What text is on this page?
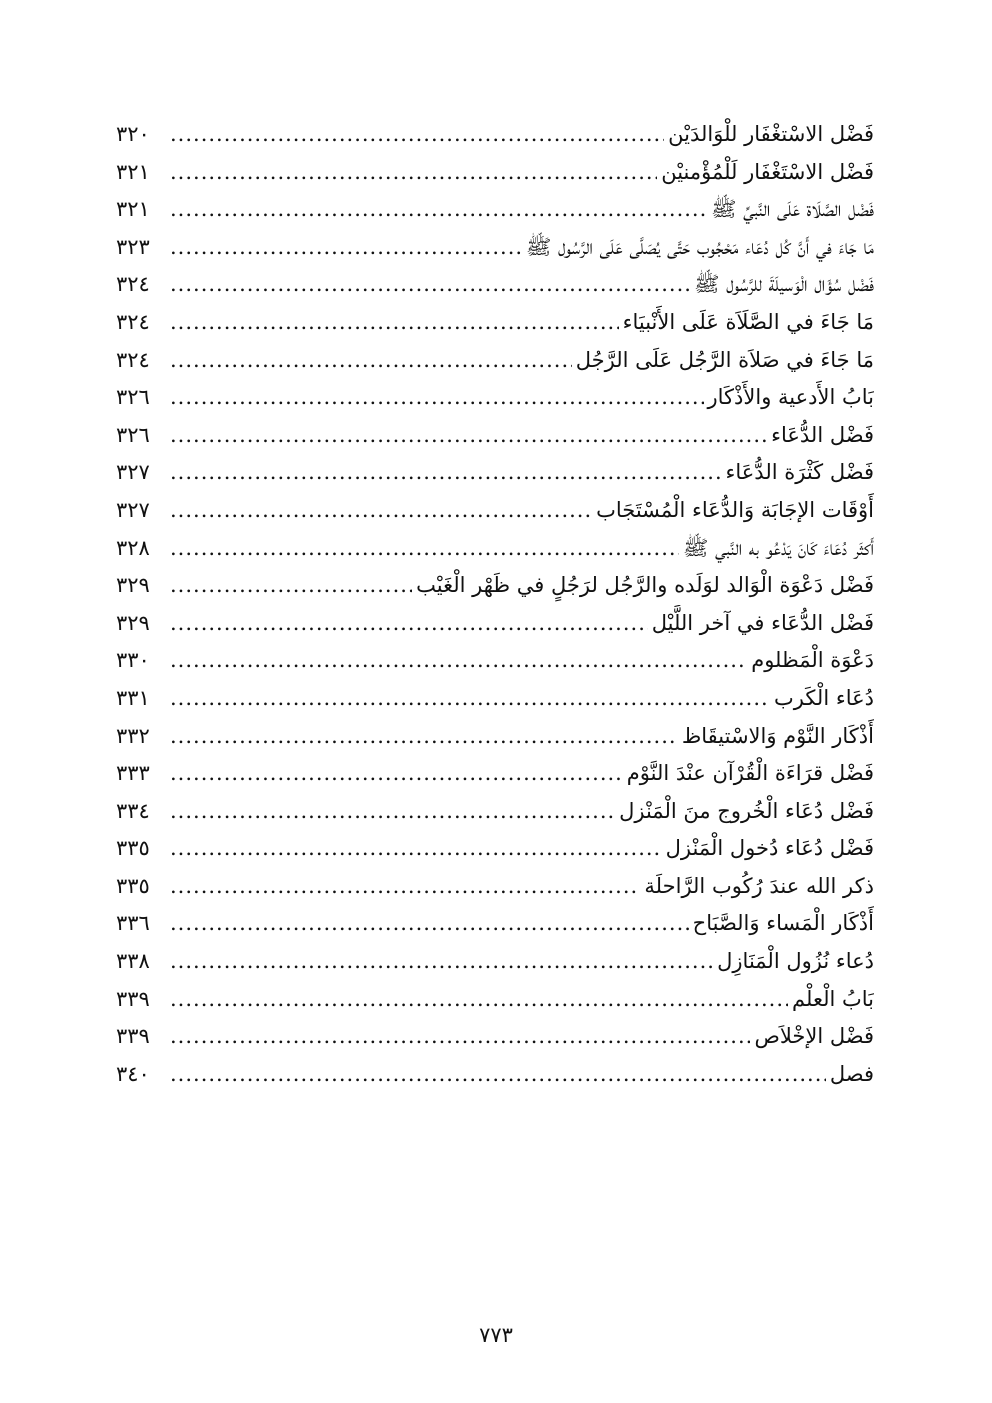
فَضْل الاسْتغْفَار للْوَالدَيْن
.....
٣٢٠
فَضْل الاسْتَغْفَار لَلْمُؤْمنيْن
.....
٣٢١
فَضْل الصَّلَاة عَلَى النَّبيِّ ﷺ
.....
٣٢١
مَا جَاءَ في أَنَّ كُل دُعَاء مَحْجُوب حَتَّى يُصَلَّى عَلَى الرَّسُول ﷺ
.....
٣٢٣
فَضْل سُؤَال الْوَسيلَةَ للرَّسُول ﷺ
.....
٣٢٤
مَا جَاءَ في الصَّلَاَة عَلَى الأَنْبيَاء
.....
٣٢٤
مَا جَاءَ في صَلاَة الرَّجُل عَلَى الرَّجُل
.....
٣٢٤
بَابُ الأَدعية والأَذْكَار
.....
٣٢٦
فَضْل الدُّعَاء
.....
٣٢٦
فَضْل كَثْرَة الدُّعَاء
.....
٣٢٧
أَوْقَات الإجَابَة وَالدُّعَاء الْمُسْتَجَاب
.....
٣٢٧
أَكثَر دُعَاءَ كَانَ يَدْعُو به النَّبي ﷺ
.....
٣٢٨
فَضْل دَعْوَة الْوَالد لوَلَده والرَّجُل لرَجُلٍ في ظَهْر الْغَيْب
.....
٣٢٩
فَضْل الدُّعَاء في آخر اللَّيْل
.....
٣٢٩
دَعْوَة الْمَظلوم
.....
٣٣٠
دُعَاء الْكَرب
.....
٣٣١
أَذْكَار النَّوْم وَالاسْتيقَاظ
.....
٣٣٢
فَضْل قرَاءَة الْقُرْآن عنْدَ النَّوْم
.....
٣٣٣
فَضْل دُعَاء الْخُروج منَ الْمَنْزل
.....
٣٣٤
فَضْل دُعَاء دُخول الْمَنْزل
.....
٣٣٥
ذكر الله عندَ رُكُوب الرَّاحلَة
.....
٣٣٥
أَذْكَار الْمَساء وَالصَّبَاح
.....
٣٣٦
دُعاء نُزُول الْمَنَازِل
.....
٣٣٨
بَابُ الْعلْم
.....
٣٣٩
فَضْل الإخْلاَص
.....
٣٣٩
فصل
.....
٣٤٠
٧٧٣
